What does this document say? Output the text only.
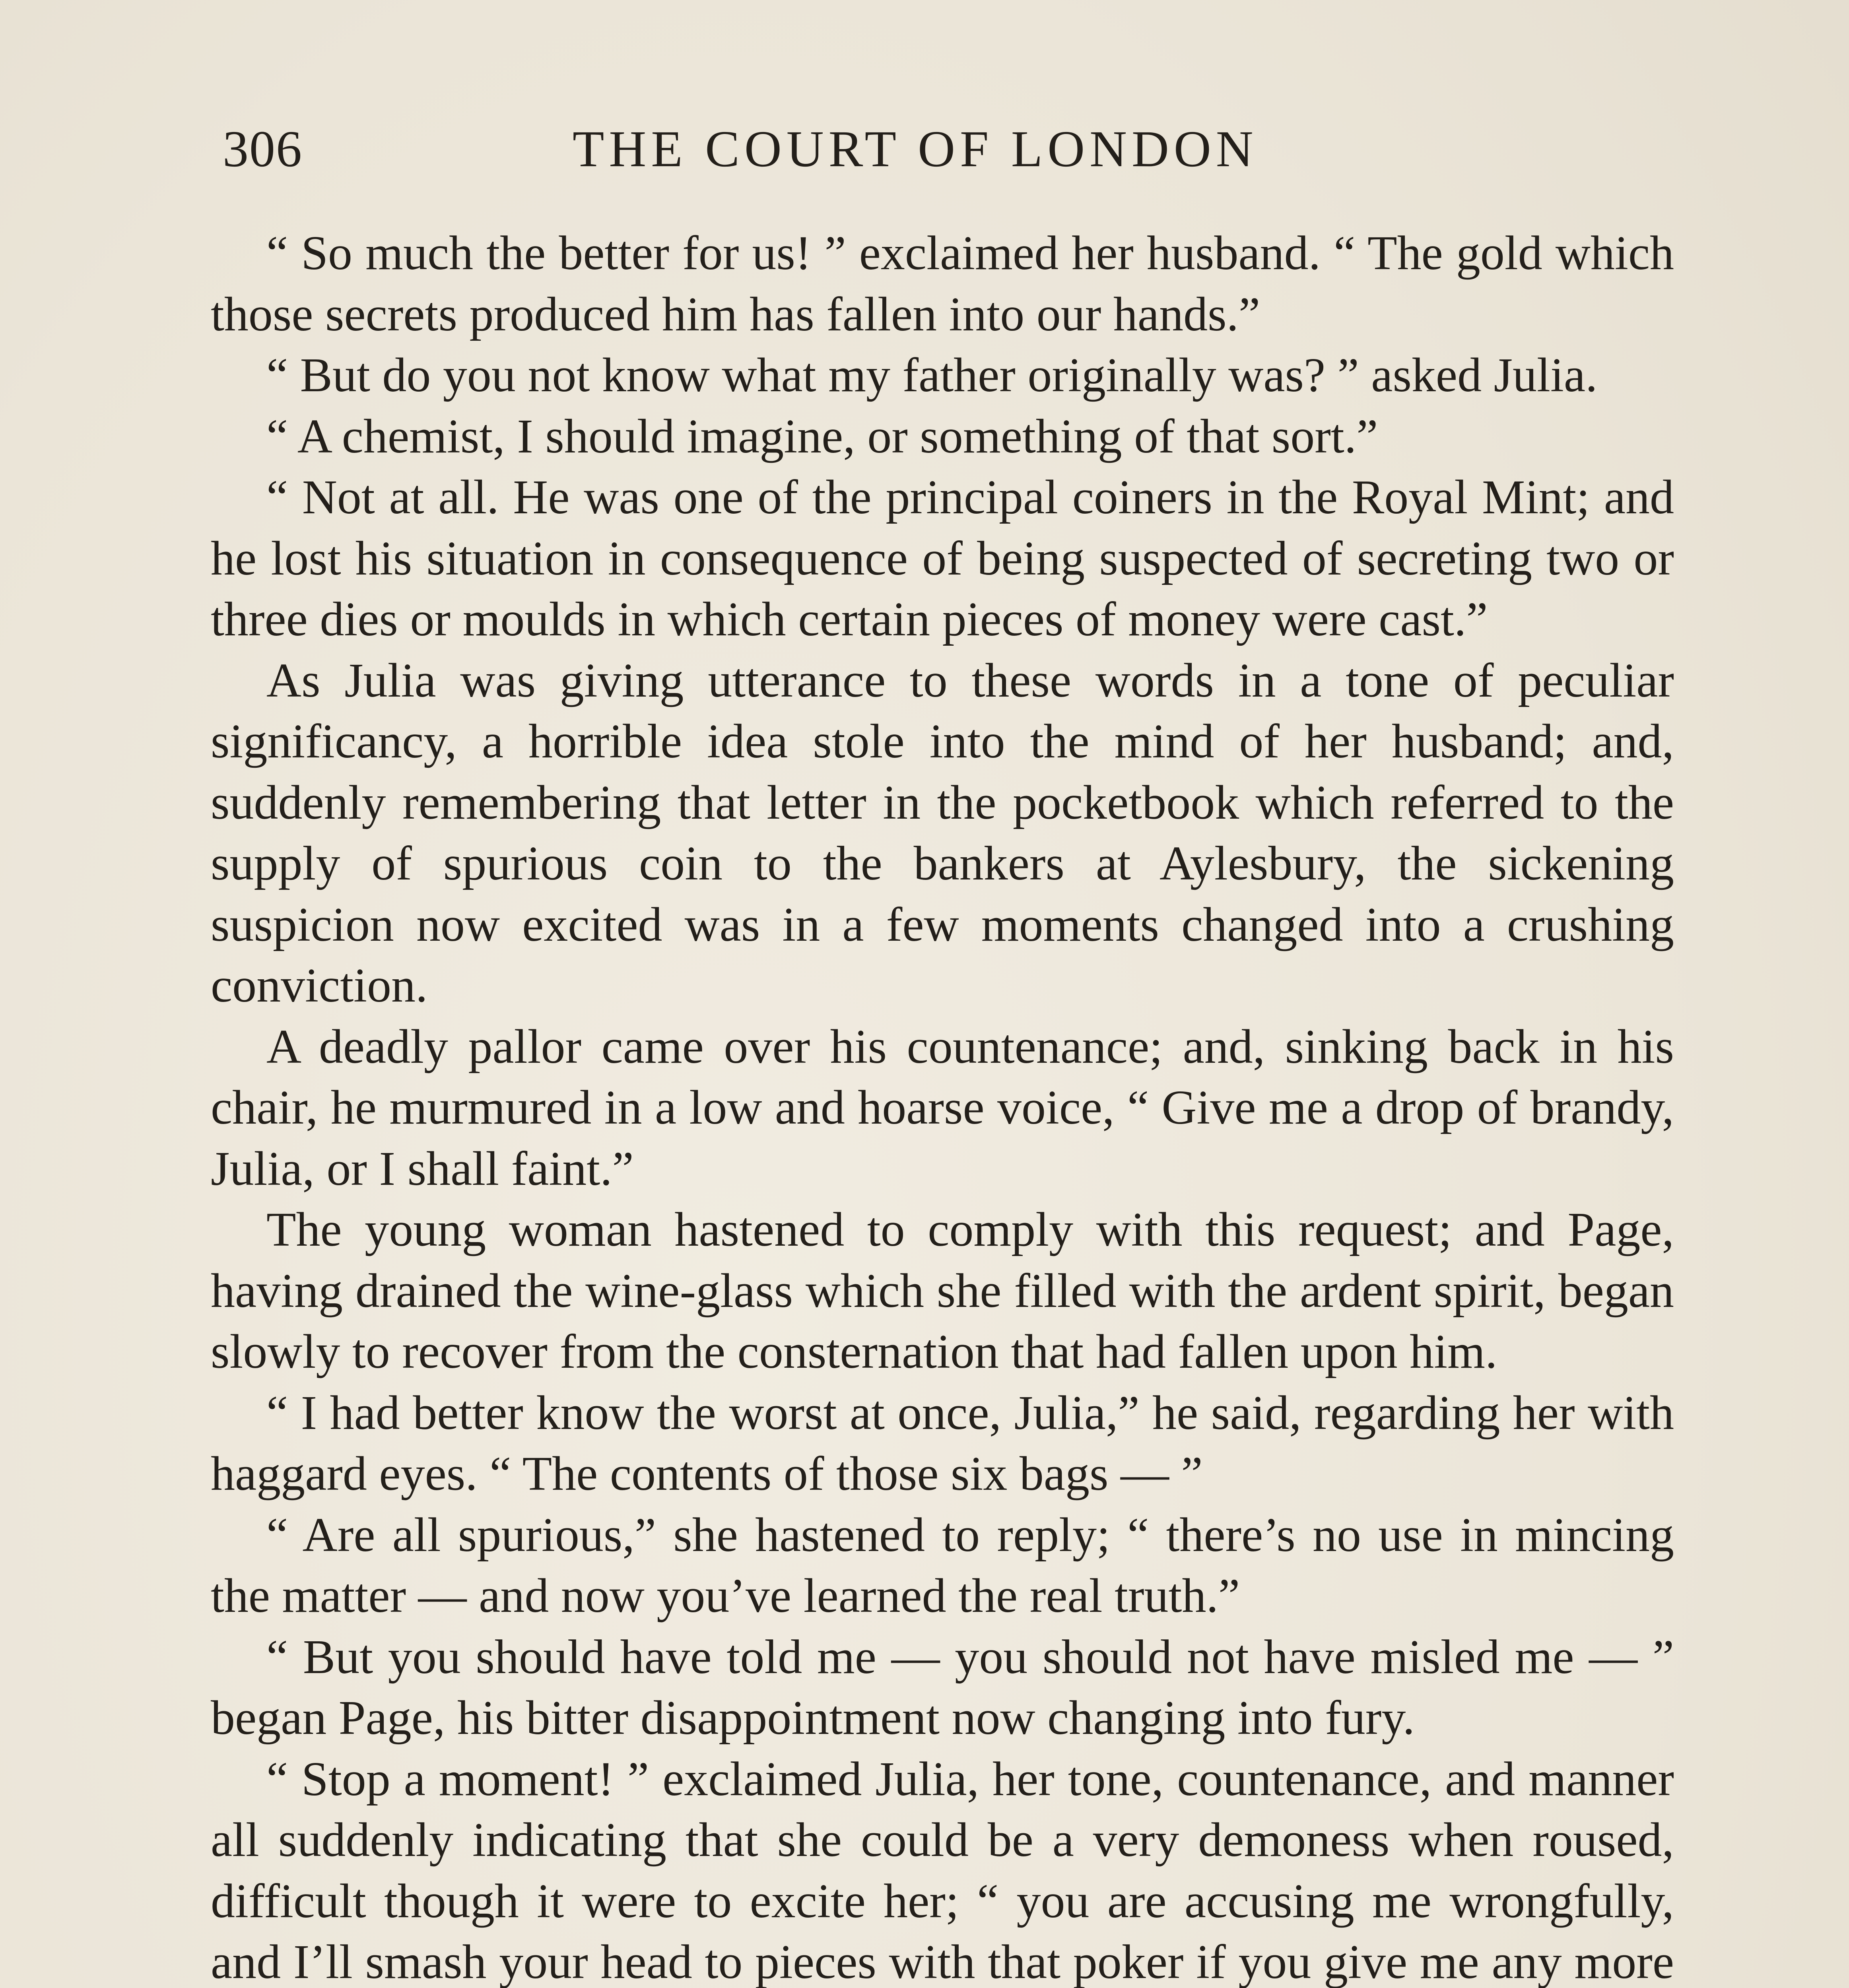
306	THE COURT OF LONDON

“ So much the better for us! ” exclaimed her husband. “ The gold which those secrets produced him has fallen into our hands.”

“ But do you not know what my father originally was? ” asked Julia.

“ A chemist, I should imagine, or something of that sort.”

“ Not at all. He was one of the principal coiners in the Royal Mint; and he lost his situation in consequence of being suspected of secreting two or three dies or moulds in which certain pieces of money were cast.”

As Julia was giving utterance to these words in a tone of peculiar significancy, a horrible idea stole into the mind of her husband; and, suddenly remembering that letter in the pocketbook which referred to the supply of spurious coin to the bankers at Aylesbury, the sickening suspicion now excited was in a few moments changed into a crushing conviction.

A deadly pallor came over his countenance; and, sinking back in his chair, he murmured in a low and hoarse voice, “ Give me a drop of brandy, Julia, or I shall faint.”

The young woman hastened to comply with this request; and Page, having drained the wine-glass which she filled with the ardent spirit, began slowly to recover from the consternation that had fallen upon him.

“ I had better know the worst at once, Julia,” he said, regarding her with haggard eyes. “ The contents of those six bags — ”

“ Are all spurious,” she hastened to reply; “ there’s no use in mincing the matter — and now you’ve learned the real truth.”

“ But you should have told me — you should not have misled me — ” began Page, his bitter disappointment now changing into fury.

“ Stop a moment! ” exclaimed Julia, her tone, countenance, and manner all suddenly indicating that she could be a very demoness when roused, difficult though it were to excite her; “ you are accusing me wrongfully, and I’ll smash your head to pieces with that poker if you give me any more
